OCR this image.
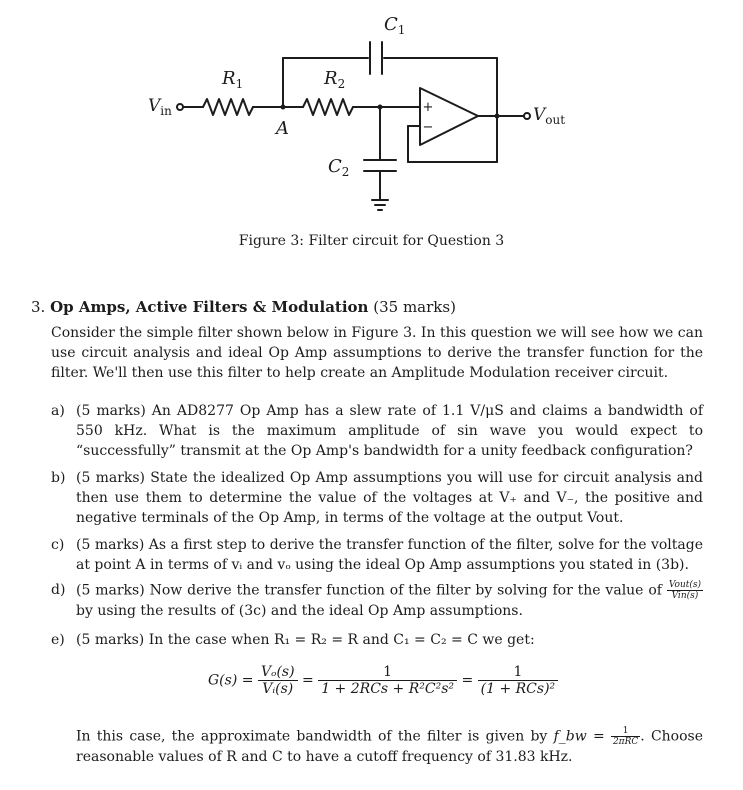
$C_1$
$R_1$	$R_2$
$C_2$
A
$V_{in}$	$V_{out}$
+
−
Figure 3: Filter circuit for Question 3
3. Op Amps, Active Filters & Modulation (35 marks)
Consider the simple filter shown below in Figure 3. In this question we will see how we can use circuit analysis and ideal Op Amp assumptions to derive the transfer function for the filter. We'll then use this filter to help create an Amplitude Modulation receiver circuit.
a) (5 marks) An AD8277 Op Amp has a slew rate of 1.1 V/μS and claims a bandwidth of 550 kHz. What is the maximum amplitude of sin wave you would expect to “successfully” transmit at the Op Amp's bandwidth for a unity feedback configuration?
b) (5 marks) State the idealized Op Amp assumptions you will use for circuit analysis and then use them to determine the value of the voltages at V₊ and V₋, the positive and negative terminals of the Op Amp, in terms of the voltage at the output Vout.
c) (5 marks) As a first step to derive the transfer function of the filter, solve for the voltage at point A in terms of vᵢ and vₒ using the ideal Op Amp assumptions you stated in (3b).
d) (5 marks) Now derive the transfer function of the filter by solving for the value of $\frac{\text{Vout(s)}}{\text{Vin(s)}}$
by using the results of (3c) and the ideal Op Amp assumptions.
e) (5 marks) In the case when R₁ = R₂ = R and C₁ = C₂ = C we get:
$G(s) = \frac{\text{Vₒ(s)}}{\text{Vᵢ(s)}} = \frac{1}{\text{1 + 2RCs + R²C²s²}} = \frac{1}{\text{(1 + RCs)²}}$
In this case, the approximate bandwidth of the filter is given by f_bw = $\frac{1}{\text{2πRC}}$ . Choose reasonable values of R and C to have a cutoff frequency of 31.83 kHz.
